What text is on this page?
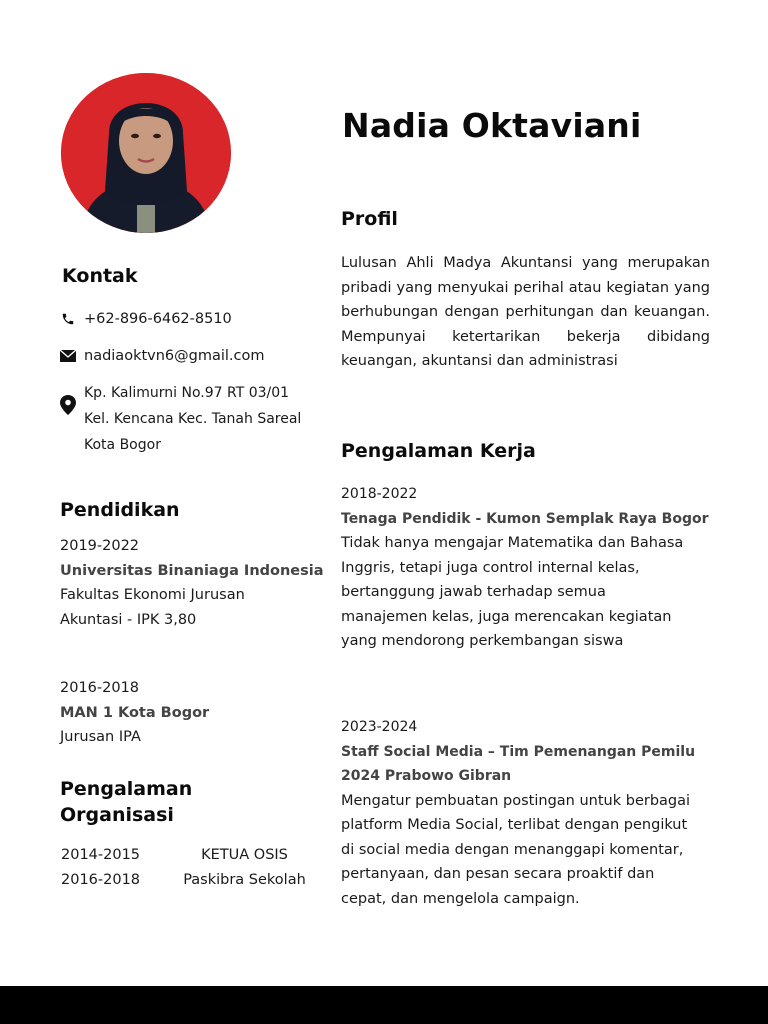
Nadia Oktaviani
Kontak
+62-896-6462-8510
nadiaoktvn6@gmail.com
Kp. Kalimurni No.97 RT 03/01
Kel. Kencana Kec. Tanah Sareal
Kota Bogor
Pendidikan
2019-2022
Universitas Binaniaga Indonesia
Fakultas Ekonomi Jurusan
Akuntasi - IPK 3,80
2016-2018
MAN 1 Kota Bogor
Jurusan IPA
Pengalaman
Organisasi
2014-2015	KETUA OSIS
2016-2018	Paskibra Sekolah
Profil

Lulusan Ahli Madya Akuntansi yang merupakan pribadi yang menyukai perihal atau kegiatan yang berhubungan dengan perhitungan dan keuangan. Mempunyai ketertarikan bekerja dibidang keuangan, akuntansi dan administrasi

Pengalaman Kerja
2018-2022
Tenaga Pendidik - Kumon Semplak Raya Bogor
Tidak hanya mengajar Matematika dan Bahasa
Inggris, tetapi juga control internal kelas,
bertanggung jawab terhadap semua
manajemen kelas, juga merencakan kegiatan
yang mendorong perkembangan siswa
2023-2024
Staff Social Media – Tim Pemenangan Pemilu
2024 Prabowo Gibran
Mengatur pembuatan postingan untuk berbagai
platform Media Social, terlibat dengan pengikut
di social media dengan menanggapi komentar,
pertanyaan, dan pesan secara proaktif dan
cepat, dan mengelola campaign.
